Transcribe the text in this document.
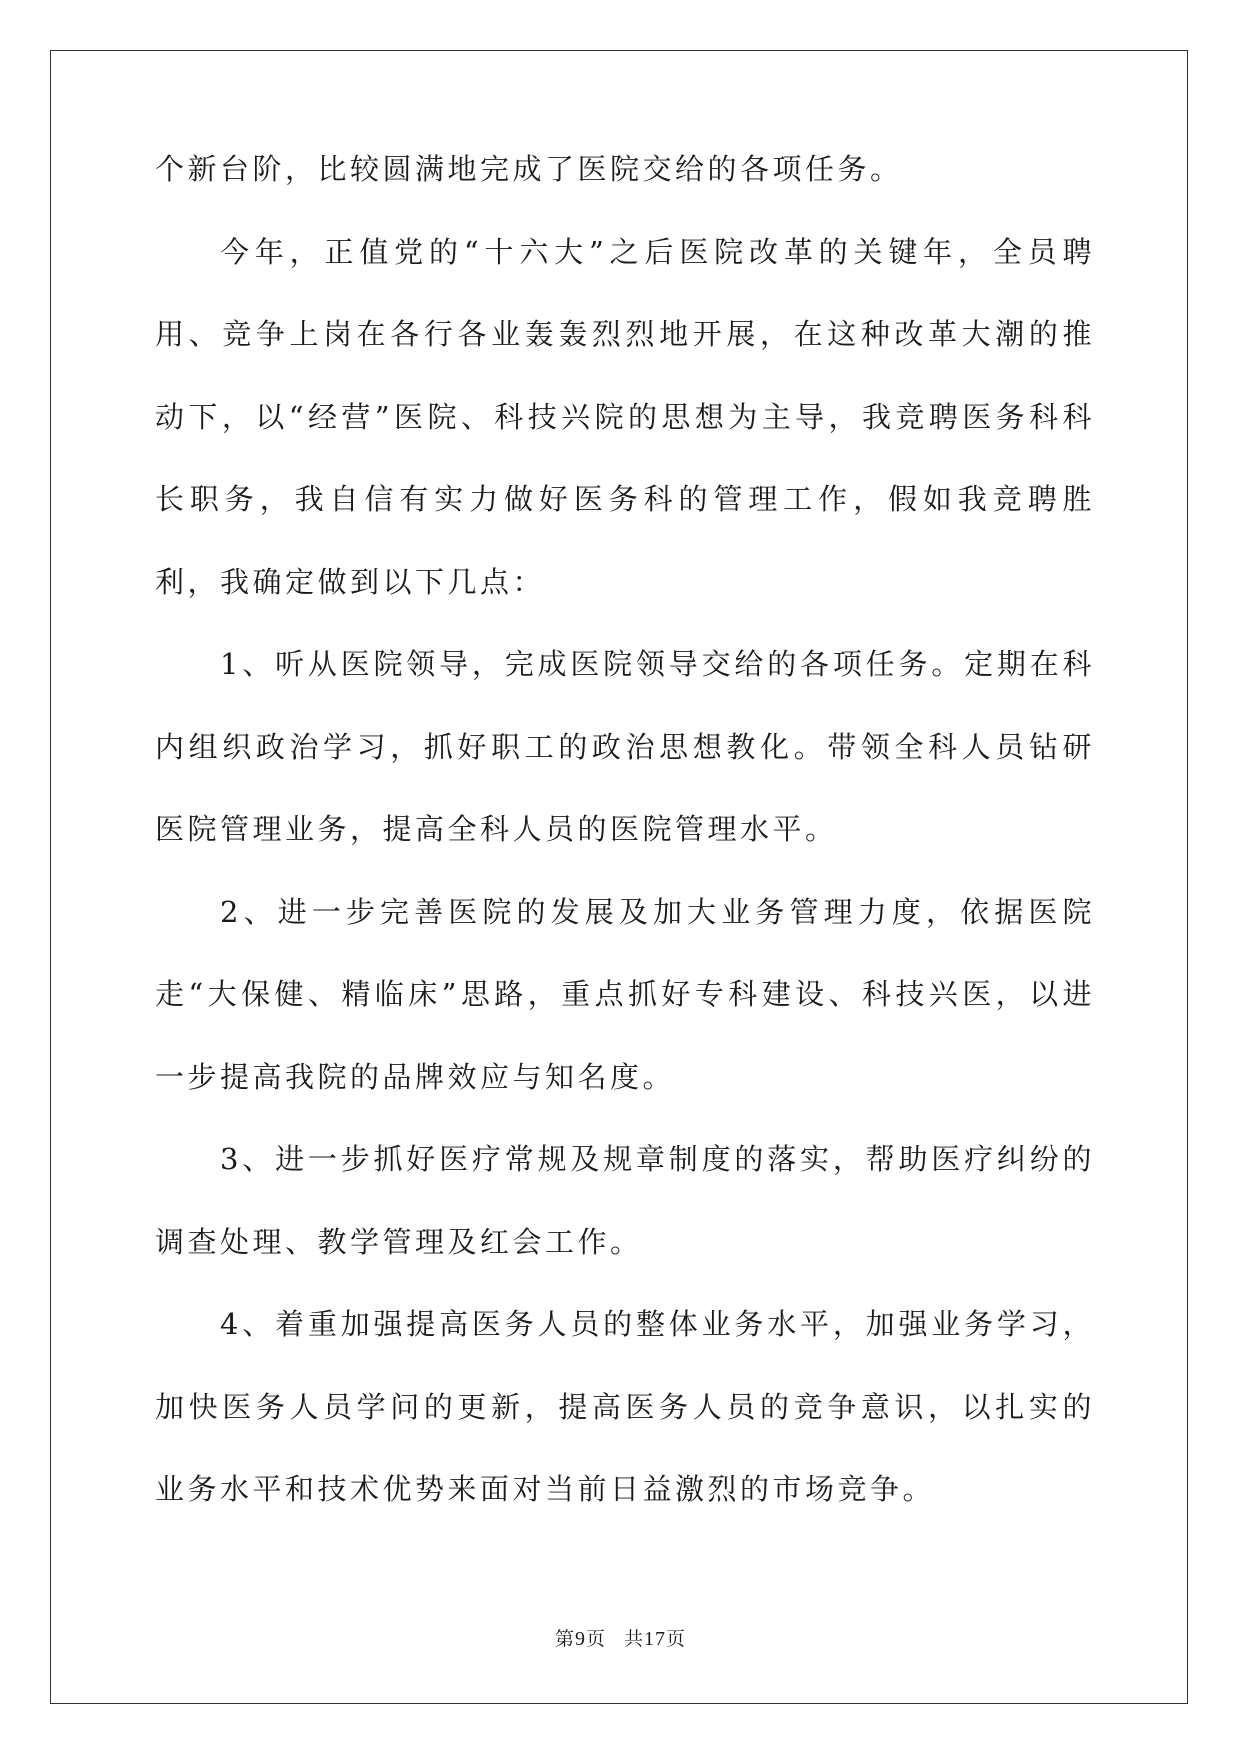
个新台阶，比较圆满地完成了医院交给的各项任务。

今年，正值党的“十六大”之后医院改革的关键年，全员聘用、竞争上岗在各行各业轰轰烈烈地开展，在这种改革大潮的推动下，以“经营”医院、科技兴院的思想为主导，我竞聘医务科科长职务，我自信有实力做好医务科的管理工作，假如我竞聘胜利，我确定做到以下几点：

1、听从医院领导，完成医院领导交给的各项任务。定期在科内组织政治学习，抓好职工的政治思想教化。带领全科人员钻研医院管理业务，提高全科人员的医院管理水平。

2、进一步完善医院的发展及加大业务管理力度，依据医院走“大保健、精临床”思路，重点抓好专科建设、科技兴医，以进一步提高我院的品牌效应与知名度。

3、进一步抓好医疗常规及规章制度的落实，帮助医疗纠纷的调查处理、教学管理及红会工作。

4、着重加强提高医务人员的整体业务水平，加强业务学习，加快医务人员学问的更新，提高医务人员的竞争意识，以扎实的业务水平和技术优势来面对当前日益激烈的市场竞争。

第9页 共17页
